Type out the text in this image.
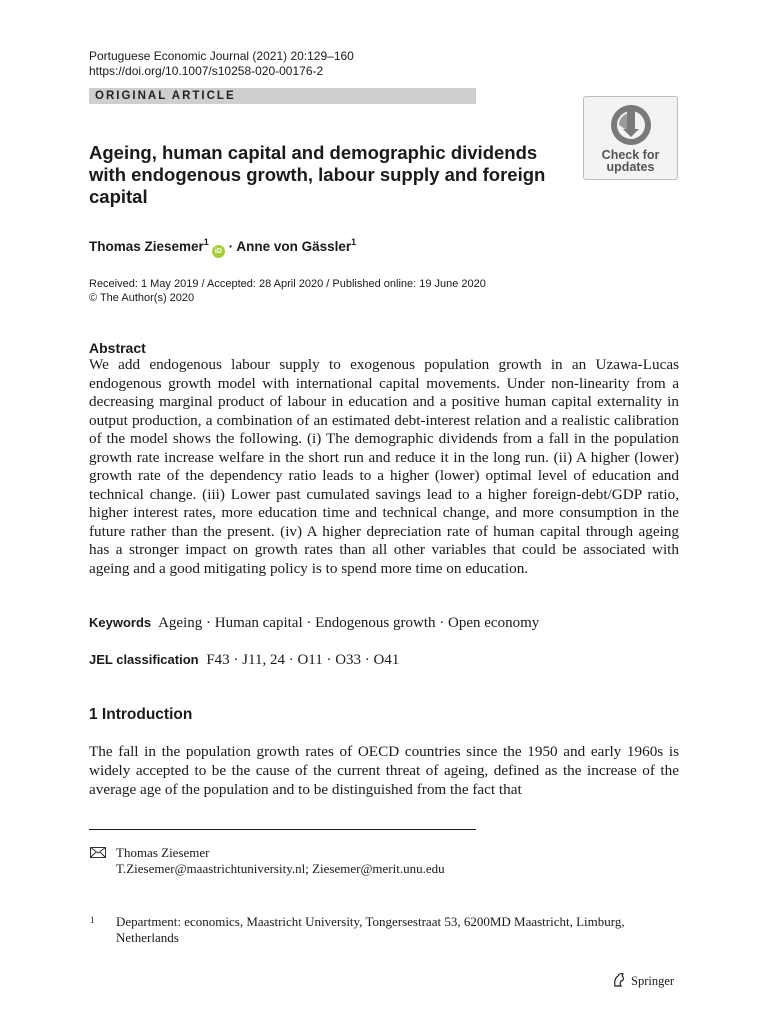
Portuguese Economic Journal (2021) 20:129–160
https://doi.org/10.1007/s10258-020-00176-2
ORIGINAL ARTICLE
Check for
updates
Ageing, human capital and demographic dividends with endogenous growth, labour supply and foreign capital
Thomas Ziesemer$^1$iD · Anne von Gässler$^1$
Received: 1 May 2019 / Accepted: 28 April 2020 / Published online: 19 June 2020
© The Author(s) 2020
Abstract

We add endogenous labour supply to exogenous population growth in an Uzawa-Lucas endogenous growth model with international capital movements. Under non-linearity from a decreasing marginal product of labour in education and a positive human capital externality in output production, a combination of an estimated debt-interest relation and a realistic calibration of the model shows the following. (i) The demographic dividends from a fall in the population growth rate increase welfare in the short run and reduce it in the long run. (ii) A higher (lower) growth rate of the dependency ratio leads to a higher (lower) optimal level of education and technical change. (iii) Lower past cumulated savings lead to a higher foreign-debt/GDP ratio, higher interest rates, more education time and technical change, and more consumption in the future rather than the present. (iv) A higher depreciation rate of human capital through ageing has a stronger impact on growth rates than all other variables that could be associated with ageing and a good mitigating policy is to spend more time on education.

Keywords Ageing · Human capital · Endogenous growth · Open economy
JEL classification F43 · J11, 24 · O11 · O33 · O41
1 Introduction

The fall in the population growth rates of OECD countries since the 1950 and early 1960s is widely accepted to be the cause of the current threat of ageing, defined as the increase of the average age of the population and to be distinguished from the fact that

Thomas Ziesemer
T.Ziesemer@maastrichtuniversity.nl; Ziesemer@merit.unu.edu
1 Department: economics, Maastricht University, Tongersestraat 53, 6200MD Maastricht, Limburg, Netherlands

Springer
